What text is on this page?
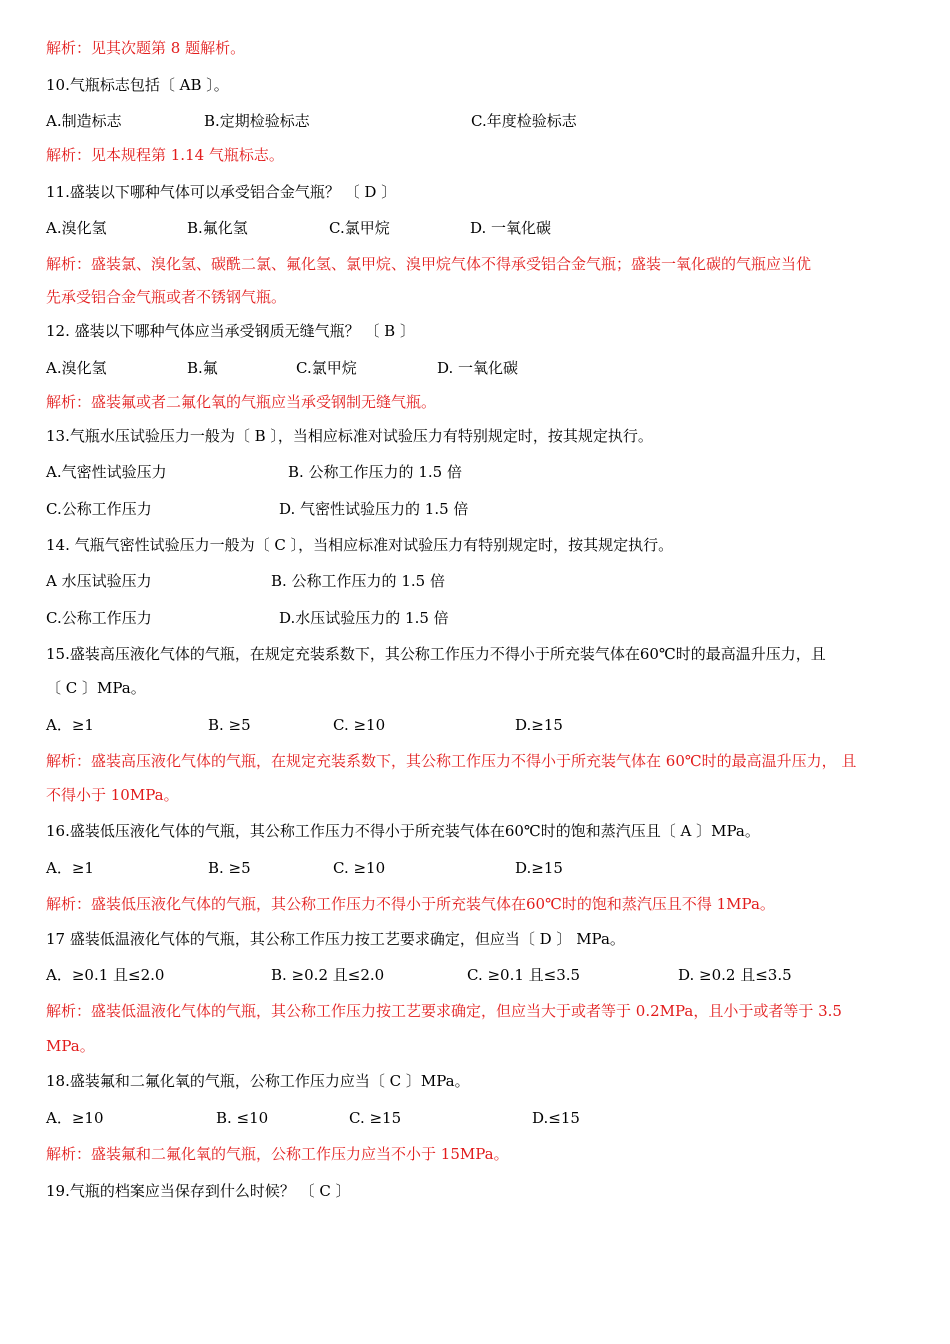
解析：见其次题第 8 题解析。
10.气瓶标志包括〔 AB 〕。
A.制造标志	B.定期检验标志	C.年度检验标志
解析：见本规程第 1.14 气瓶标志。
11.盛装以下哪种气体可以承受铝合金气瓶？ 〔 D 〕
A.溴化氢	B.氟化氢	C.氯甲烷	D. 一氧化碳
解析：盛装氯、溴化氢、碳酰二氯、氟化氢、氯甲烷、溴甲烷气体不得承受铝合金气瓶；盛装一氧化碳的气瓶应当优
先承受铝合金气瓶或者不锈钢气瓶。
12. 盛装以下哪种气体应当承受钢质无缝气瓶？ 〔 B 〕
A.溴化氢	B.氟	C.氯甲烷	D. 一氧化碳
解析：盛装氟或者二氟化氧的气瓶应当承受钢制无缝气瓶。
13.气瓶水压试验压力一般为〔 B 〕，当相应标准对试验压力有特别规定时，按其规定执行。
A.气密性试验压力	B. 公称工作压力的 1.5 倍
C.公称工作压力	D. 气密性试验压力的 1.5 倍
14. 气瓶气密性试验压力一般为〔 C 〕，当相应标准对试验压力有特别规定时，按其规定执行。
A 水压试验压力	B. 公称工作压力的 1.5 倍
C.公称工作压力	D.水压试验压力的 1.5 倍
15.盛装高压液化气体的气瓶，在规定充装系数下，其公称工作压力不得小于所充装气体在60℃时的最高温升压力，且
〔 C 〕MPa。
A．≥1	B. ≥5	C. ≥10	D.≥15
解析：盛装高压液化气体的气瓶，在规定充装系数下，其公称工作压力不得小于所充装气体在 60℃时的最高温升压力， 且
不得小于 10MPa。
16.盛装低压液化气体的气瓶，其公称工作压力不得小于所充装气体在60℃时的饱和蒸汽压且〔 A 〕MPa。
A．≥1	B. ≥5	C. ≥10	D.≥15
解析：盛装低压液化气体的气瓶，其公称工作压力不得小于所充装气体在60℃时的饱和蒸汽压且不得 1MPa。
17 盛装低温液化气体的气瓶，其公称工作压力按工艺要求确定，但应当〔 D 〕 MPa。
A．≥0.1 且≤2.0	B. ≥0.2 且≤2.0	C. ≥0.1 且≤3.5	D. ≥0.2 且≤3.5
解析：盛装低温液化气体的气瓶，其公称工作压力按工艺要求确定，但应当大于或者等于 0.2MPa，且小于或者等于 3.5
MPa。
18.盛装氟和二氟化氧的气瓶，公称工作压力应当〔 C 〕MPa。
A．≥10	B. ≤10	C. ≥15	D.≤15
解析：盛装氟和二氟化氧的气瓶，公称工作压力应当不小于 15MPa。
19.气瓶的档案应当保存到什么时候？ 〔 C 〕
